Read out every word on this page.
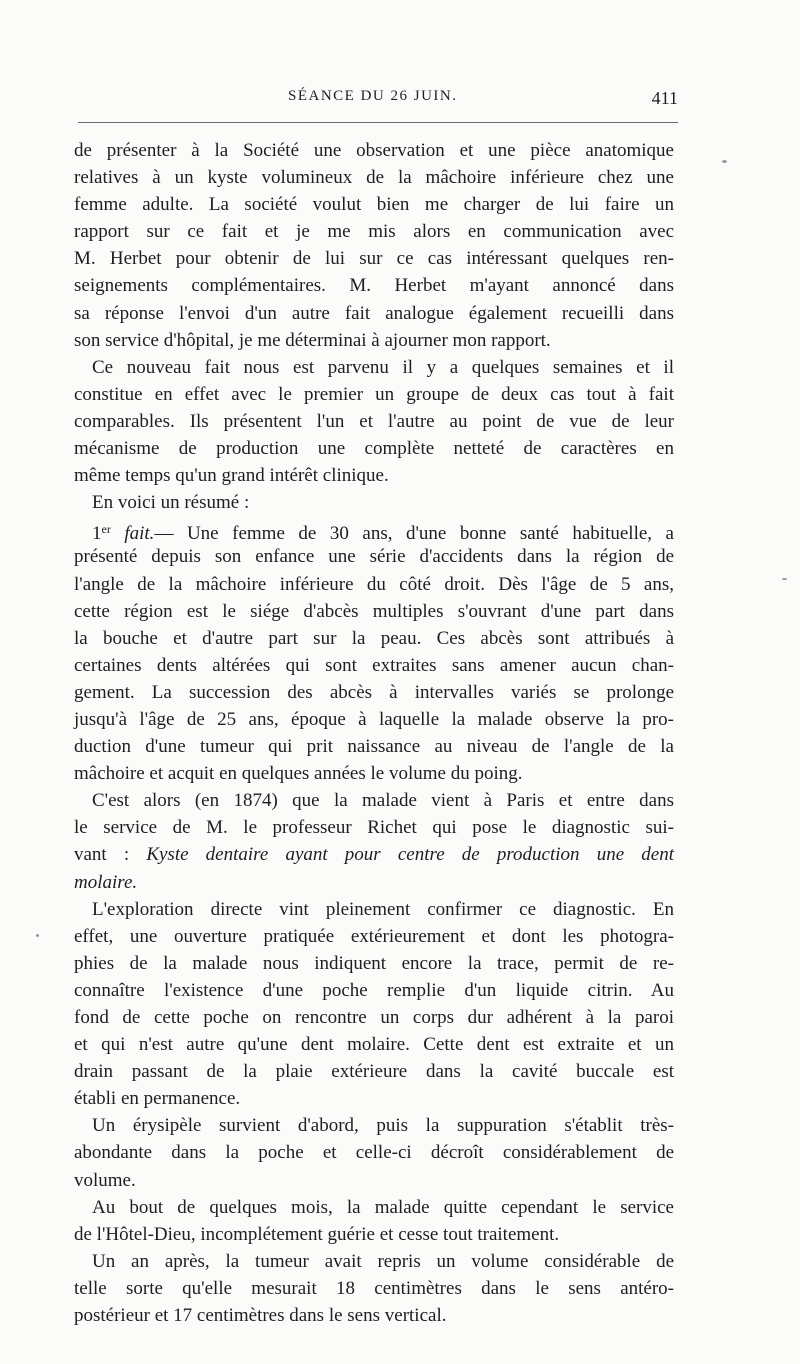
SÉANCE DU 26 JUIN.	411
de présenter à la Société une observation et une pièce anatomique
relatives à un kyste volumineux de la mâchoire inférieure chez une
femme adulte. La société voulut bien me charger de lui faire un
rapport sur ce fait et je me mis alors en communication avec
M. Herbet pour obtenir de lui sur ce cas intéressant quelques ren-
seignements complémentaires. M. Herbet m'ayant annoncé dans
sa réponse l'envoi d'un autre fait analogue également recueilli dans
son service d'hôpital, je me déterminai à ajourner mon rapport.
Ce nouveau fait nous est parvenu il y a quelques semaines et il
constitue en effet avec le premier un groupe de deux cas tout à fait
comparables. Ils présentent l'un et l'autre au point de vue de leur
mécanisme de production une complète netteté de caractères en
même temps qu'un grand intérêt clinique.
En voici un résumé :
1er fait.— Une femme de 30 ans, d'une bonne santé habituelle, a
présenté depuis son enfance une série d'accidents dans la région de
l'angle de la mâchoire inférieure du côté droit. Dès l'âge de 5 ans,
cette région est le siége d'abcès multiples s'ouvrant d'une part dans
la bouche et d'autre part sur la peau. Ces abcès sont attribués à
certaines dents altérées qui sont extraites sans amener aucun chan-
gement. La succession des abcès à intervalles variés se prolonge
jusqu'à l'âge de 25 ans, époque à laquelle la malade observe la pro-
duction d'une tumeur qui prit naissance au niveau de l'angle de la
mâchoire et acquit en quelques années le volume du poing.
C'est alors (en 1874) que la malade vient à Paris et entre dans
le service de M. le professeur Richet qui pose le diagnostic sui-
vant : Kyste dentaire ayant pour centre de production une dent
molaire.
L'exploration directe vint pleinement confirmer ce diagnostic. En
effet, une ouverture pratiquée extérieurement et dont les photogra-
phies de la malade nous indiquent encore la trace, permit de re-
connaître l'existence d'une poche remplie d'un liquide citrin. Au
fond de cette poche on rencontre un corps dur adhérent à la paroi
et qui n'est autre qu'une dent molaire. Cette dent est extraite et un
drain passant de la plaie extérieure dans la cavité buccale est
établi en permanence.
Un érysipèle survient d'abord, puis la suppuration s'établit très-
abondante dans la poche et celle-ci décroît considérablement de
volume.
Au bout de quelques mois, la malade quitte cependant le service
de l'Hôtel-Dieu, incomplétement guérie et cesse tout traitement.
Un an après, la tumeur avait repris un volume considérable de
telle sorte qu'elle mesurait 18 centimètres dans le sens antéro-
postérieur et 17 centimètres dans le sens vertical.
